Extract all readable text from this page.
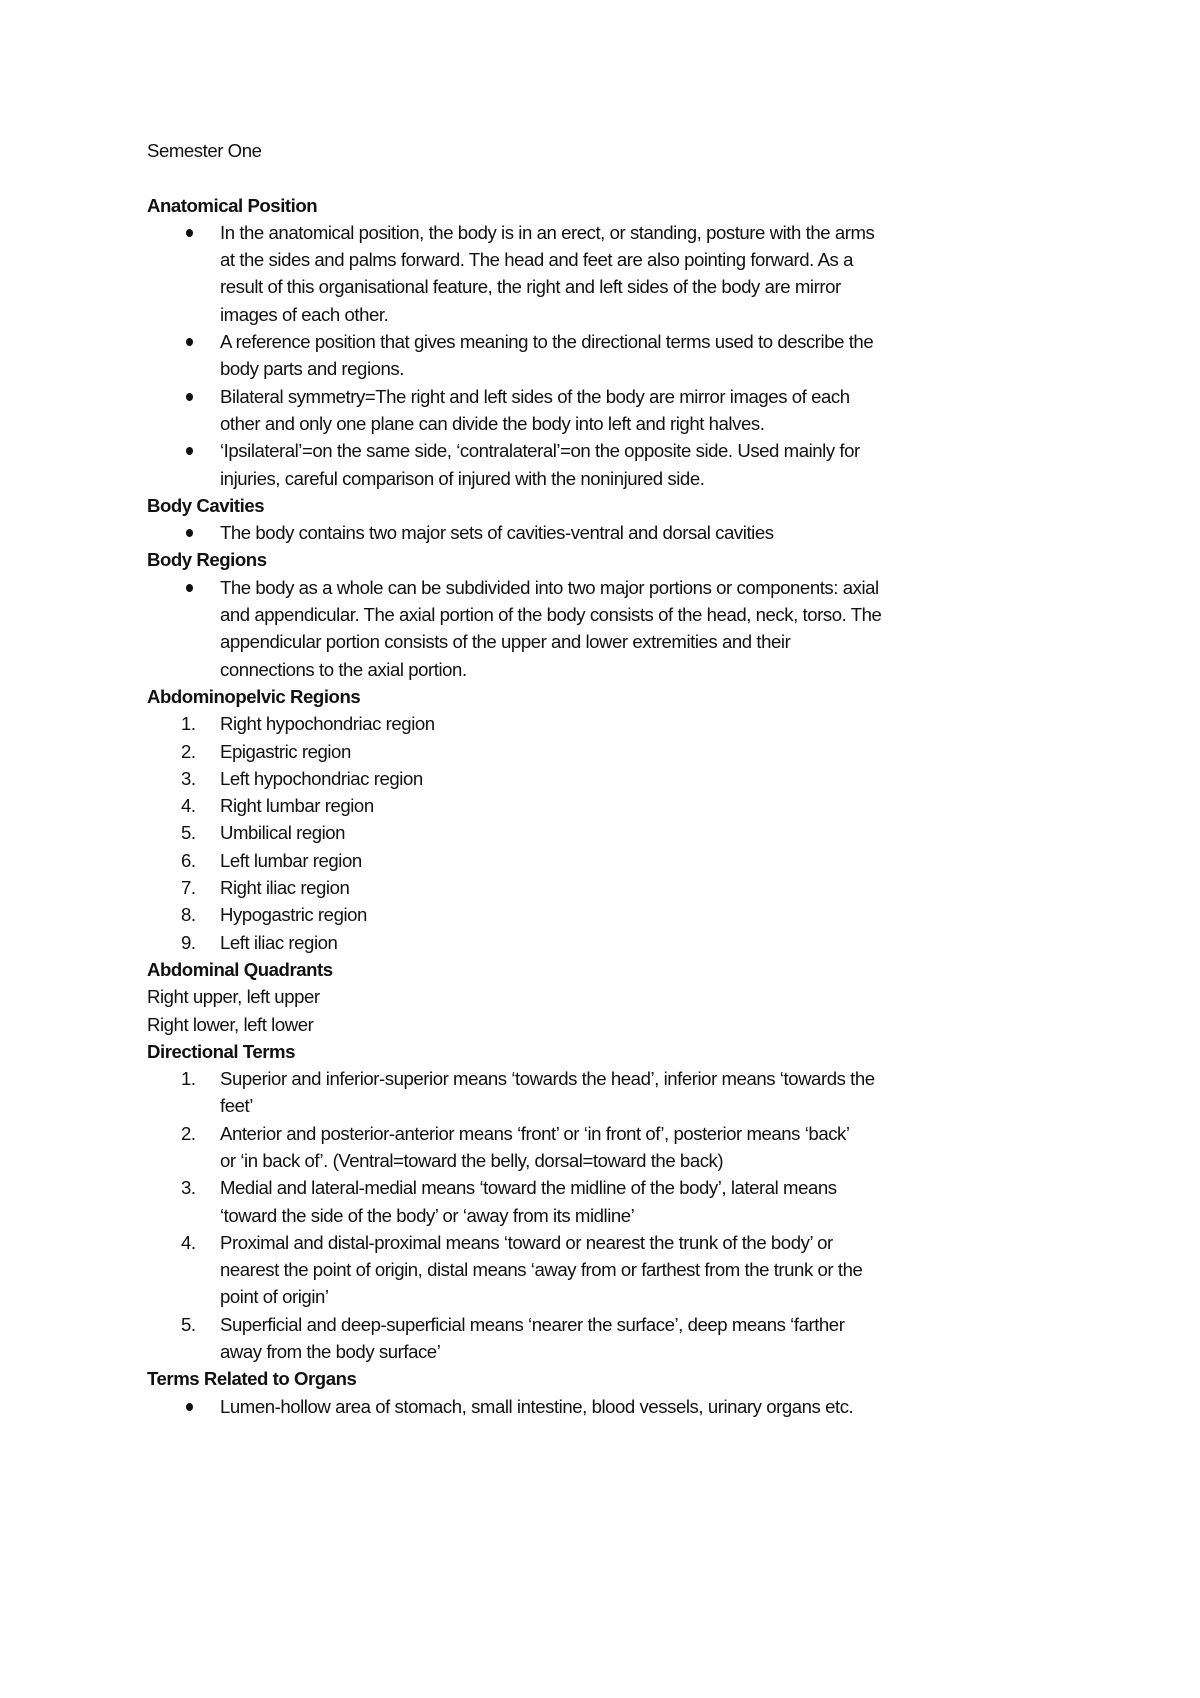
Semester One
Anatomical Position
In the anatomical position, the body is in an erect, or standing, posture with the arms
at the sides and palms forward. The head and feet are also pointing forward. As a
result of this organisational feature, the right and left sides of the body are mirror
images of each other.
A reference position that gives meaning to the directional terms used to describe the
body parts and regions.
Bilateral symmetry=The right and left sides of the body are mirror images of each
other and only one plane can divide the body into left and right halves.
‘Ipsilateral’=on the same side, ‘contralateral’=on the opposite side. Used mainly for
injuries, careful comparison of injured with the noninjured side.
Body Cavities
The body contains two major sets of cavities-ventral and dorsal cavities
Body Regions
The body as a whole can be subdivided into two major portions or components: axial
and appendicular. The axial portion of the body consists of the head, neck, torso. The
appendicular portion consists of the upper and lower extremities and their
connections to the axial portion.
Abdominopelvic Regions
1. Right hypochondriac region
2. Epigastric region
3. Left hypochondriac region
4. Right lumbar region
5. Umbilical region
6. Left lumbar region
7. Right iliac region
8. Hypogastric region
9. Left iliac region
Abdominal Quadrants
Right upper, left upper
Right lower, left lower
Directional Terms
1. Superior and inferior-superior means ‘towards the head’, inferior means ‘towards the
feet’
2. Anterior and posterior-anterior means ‘front’ or ‘in front of’, posterior means ‘back’
or ‘in back of’. (Ventral=toward the belly, dorsal=toward the back)
3. Medial and lateral-medial means ‘toward the midline of the body’, lateral means
‘toward the side of the body’ or ‘away from its midline’
4. Proximal and distal-proximal means ‘toward or nearest the trunk of the body’ or
nearest the point of origin, distal means ‘away from or farthest from the trunk or the
point of origin’
5. Superficial and deep-superficial means ‘nearer the surface’, deep means ‘farther
away from the body surface’
Terms Related to Organs
Lumen-hollow area of stomach, small intestine, blood vessels, urinary organs etc.
